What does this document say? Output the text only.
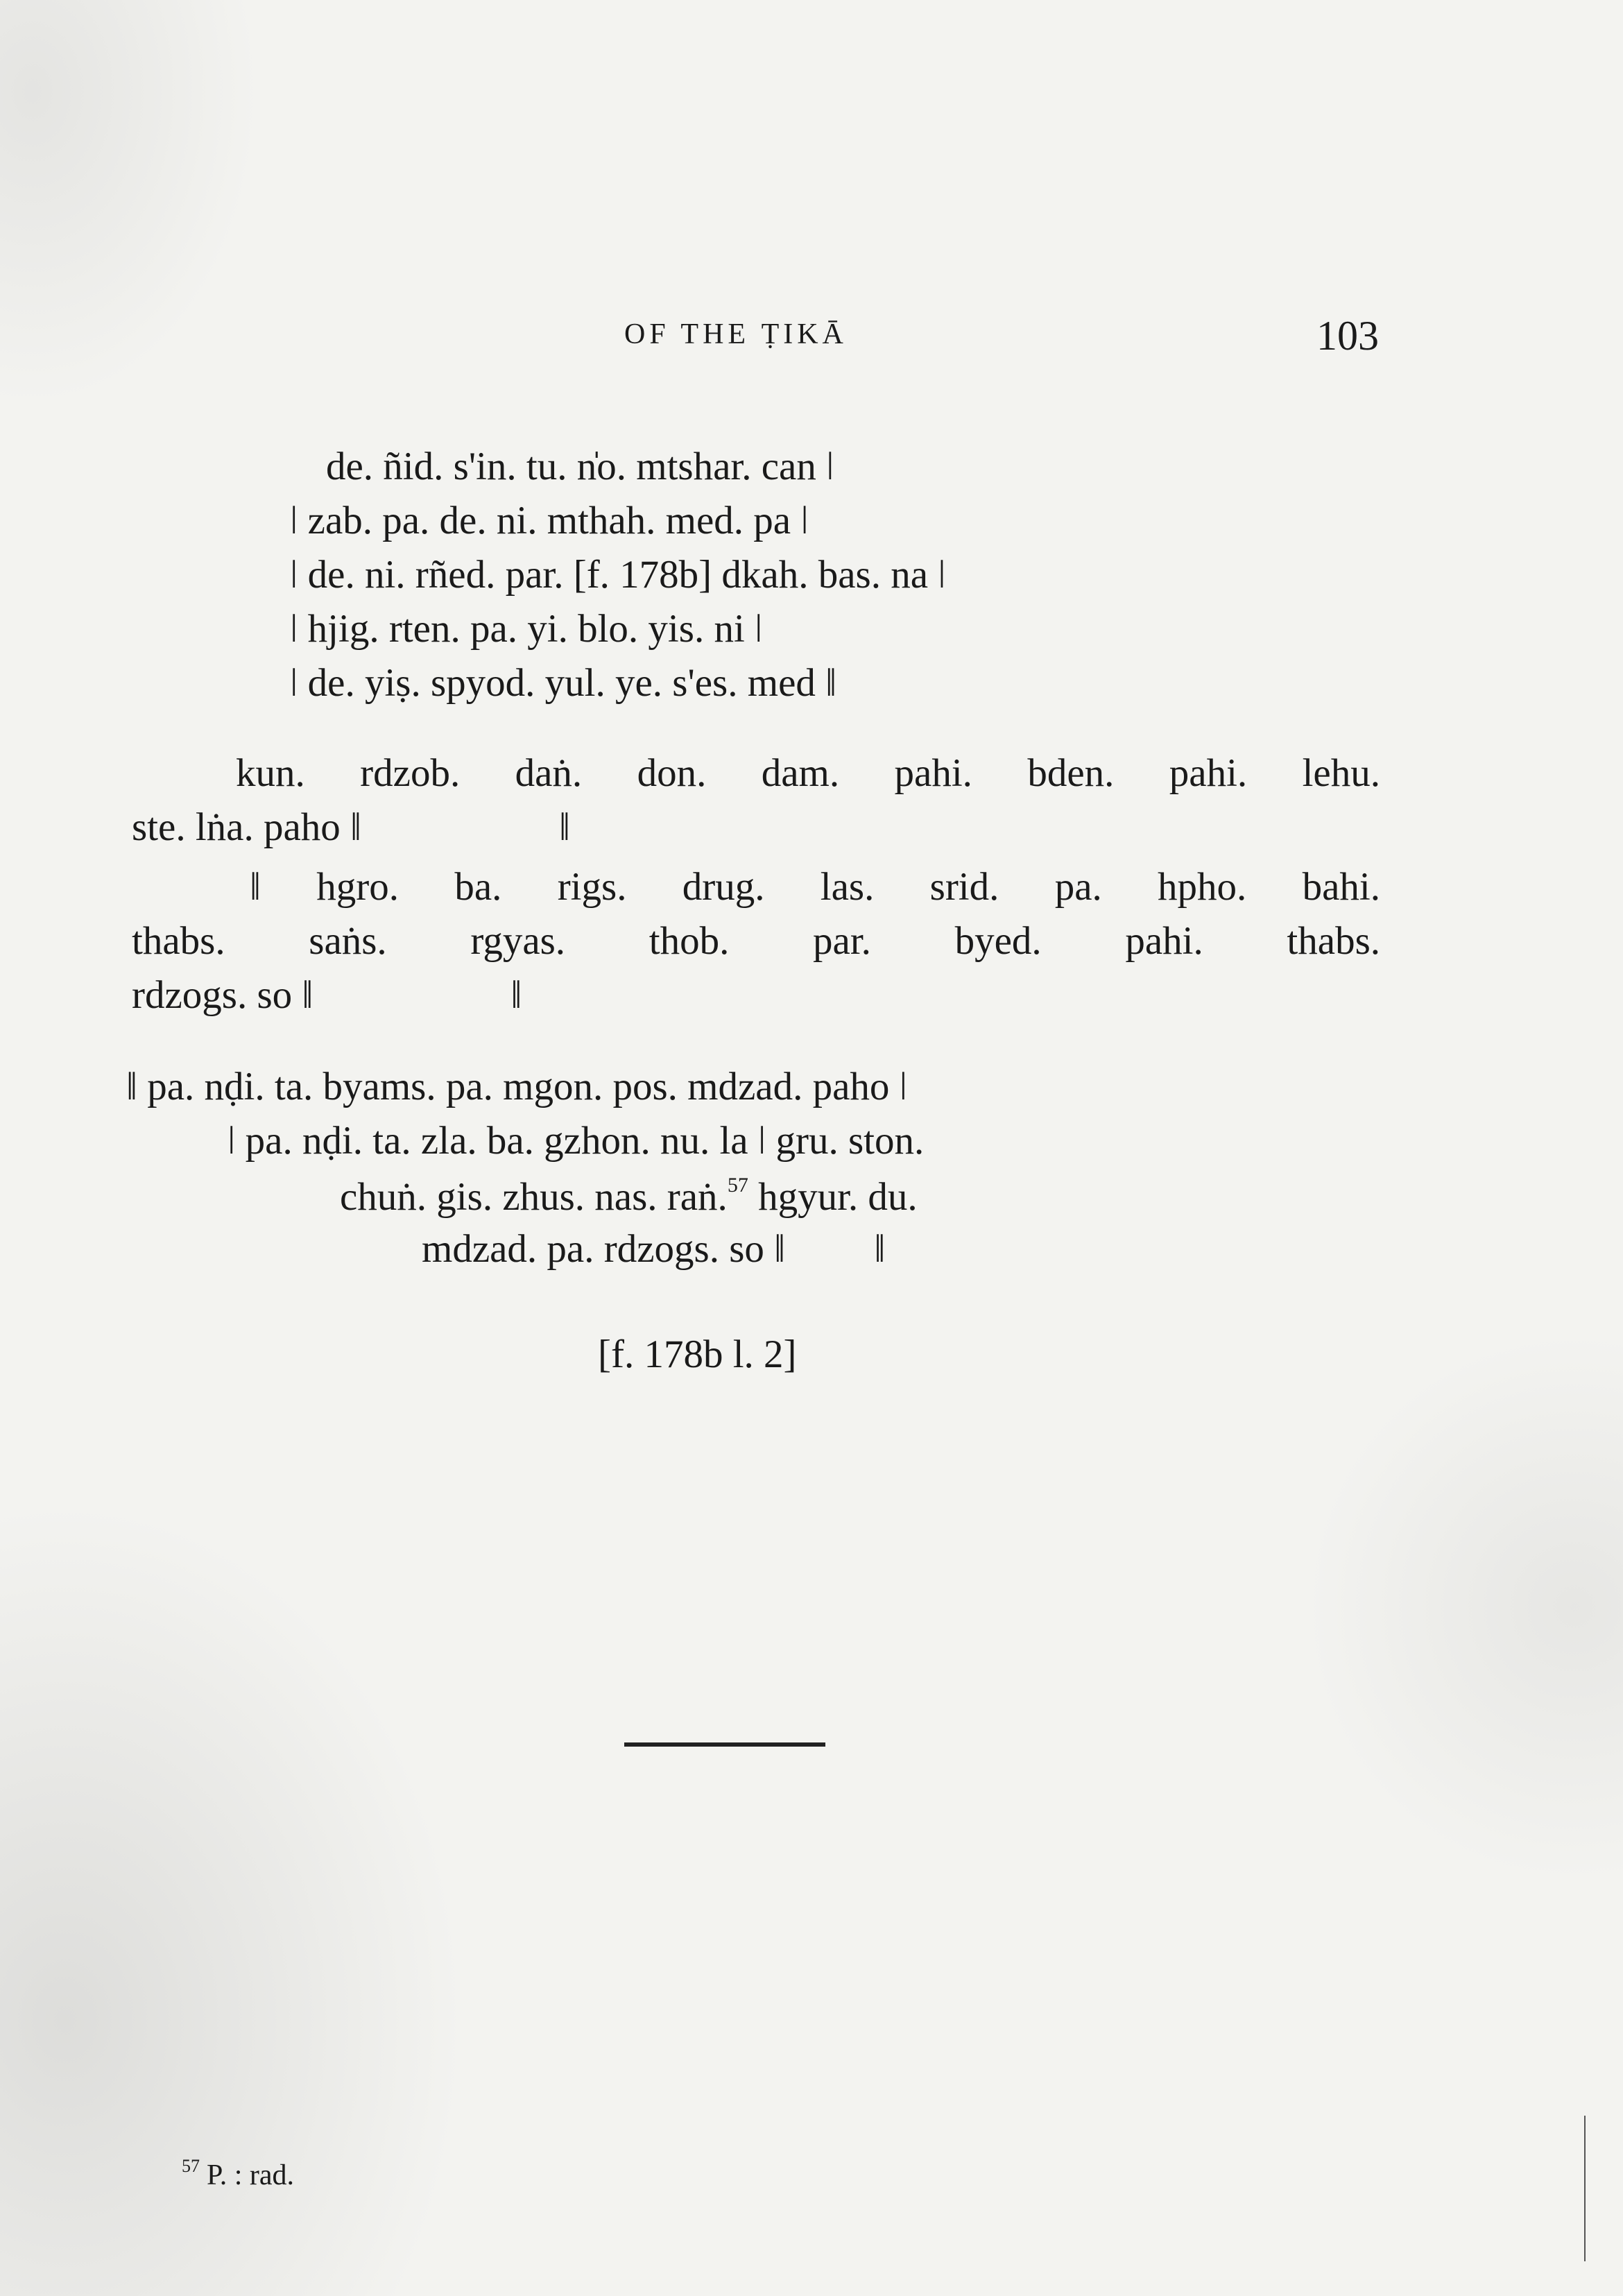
OF THE ṬIKĀ	103
de. ñid. s'in. tu. n̍o. mtshar. can ǀ
ǀ zab. pa. de. ni. mthah. med. pa ǀ
ǀ de. ni. rñed. par. [f. 178b] dkah. bas. na ǀ
ǀ hjig. rten. pa. yi. blo. yis. ni ǀ
ǀ de. yiṣ. spyod. yul. ye. s'es. med ǁ
kun. rdzob. daṅ. don. dam. pahi. bden. pahi. lehu.
ste. lṅa. paho ǁ                    ǁ
ǁ hgro. ba. rigs. drug. las. srid. pa. hpho. bahi.
thabs. saṅs. rgyas. thob. par. byed. pahi. thabs.
rdzogs. so ǁ                    ǁ
ǁ pa. nḍi. ta. byams. pa. mgon. pos. mdzad. paho ǀ
ǀ pa. nḍi. ta. zla. ba. gzhon. nu. la ǀ gru. ston.
chuṅ. gis. zhus. nas. raṅ.$^{57}$ hgyur. du.
mdzad. pa. rdzogs. so ǁ         ǁ
[f. 178b l. 2]
$^{57}$ P. : rad.
